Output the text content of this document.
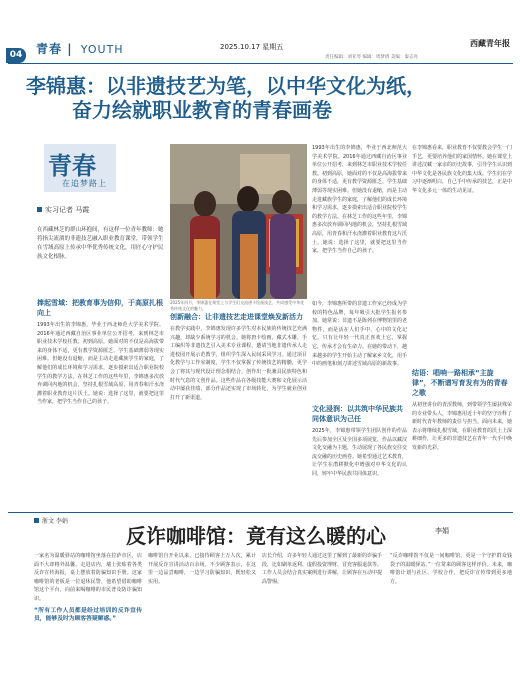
04	青春 | YOUTH	2025.10.17 星期五	西藏青年报
责任编辑：刘亚琴 编辑：周梦倩 美编：秦志亮
李锦惠：以非遗技艺为笔，以中华文化为纸，
奋力绘就职业教育的青春画卷
青春
在追梦路上
实习记者 马霞
在西藏林芝的群山环抱间，有这样一位青年教师：她将指尖流淌的非遗技艺融入职业教育课堂，带领学生在雪域高原上传承中华优秀传统文化，用匠心守护民族文化根脉。
捧起雪域：把教育事为信仰，于高原扎根向上
1993年出生的李锦惠，毕业于西北师范大学美术学院。2016年通过西藏自治区事业单位公开招考，来到林芝市职业技术学校任教。初到高原，她面对的不仅是高海拔带来的身体不适，更有教学资源匮乏、学生基础薄弱等现实困难。但她没有退缩，而是主动走进藏族学生的家庭，了解他们的成长环境和学习需求，逐步摸索出适合职业院校学生的教学方法。在林芝工作的这些年里，李锦惠多次放弃调回内地的机会，坚持扎根雪域高原，用青春和汗水浇灌着职业教育这片沃土。她说：选择了这里，就要把这里当作家，把学生当作自己的孩子。
2025年四月，李锦惠在课堂上与学生们交流唐卡绘画技艺，共同感受中华优秀传统文化的魅力。
创新融合：让非遗技艺走进课堂焕发新活力
在教学实践中，李锦惠发现许多学生对本民族的传统技艺充满兴趣，却缺少系统学习的机会。她将唐卡绘画、藏式木雕、手工编织等非遗技艺引入美术专业课程，邀请当地非遗传承人走进校园开展示范教学，组织学生深入民间采风学习。通过项目化教学与工作室制度，学生不仅掌握了传统技艺的精髓，更学会了将其与现代设计理念相结合，创作出一批兼具民族特色和时代气息的文创作品。这些作品在各级技能大赛和文化展示活动中屡获佳绩，部分作品还实现了市场转化，为学生就业创业打开了新渠道。
如今，李锦惠所带的非遗工作室已经成为学校的特色品牌，每年吸引大批学生报名参加。她常说：非遗不是陈列在博物馆里的老物件，而是活在人们手中、心中的文化记忆。只有让年轻一代真正喜欢上它、掌握它，传承才会有生命力。在她的带动下，越来越多的学生开始主动了解家乡文化，用手中的画笔和刻刀讲述雪域高原的新故事。
文化浸润：以共筑中华民族共同体意识为己任
2025年，李锦惠带领学生团队创作的作品先后参加全区及全国多项展览，作品以藏汉文化交融为主题，生动展现了各民族交往交流交融的历史画卷。她希望通过艺术教育，让学生在潜移默化中增强对中华文化的认同，铸牢中华民族共同体意识。
在李锦惠看来，职业教育不仅要教会学生一门手艺，更要培养他们的家国情怀。她在课堂上讲述汉藏一家亲的历史故事，引导学生认识到中华文化是各民族文化的集大成。学生们在学习中逐渐明白，自己手中传承的技艺，正是中华文化多元一体的生动见证。
结语：唱响一路相承“主旋律”，不断谱写育发有为的青春之歌
从初登讲台的青涩教师，到带领学生屡获殊荣的专业带头人，李锦惠用近十年的坚守诠释了新时代青年教师的责任与担当。面向未来，她表示将继续扎根雪域，在职业教育的沃土上深耕细作，让更多的非遗技艺在青年一代手中焕发新的光彩。
1993年出生的李锦惠，毕业于西北师范大学美术学院。2016年通过西藏自治区事业单位公开招考，来到林芝市职业技术学校任教。初到高原，她面对的不仅是高海拔带来的身体不适，更有教学资源匮乏、学生基础薄弱等现实困难。但她没有退缩，而是主动走进藏族学生的家庭，了解他们的成长环境和学习需求，逐步摸索出适合职业院校学生的教学方法。在林芝工作的这些年里，李锦惠多次放弃调回内地的机会，坚持扎根雪域高原，用青春和汗水浇灌着职业教育这片沃土。她说：选择了这里，就要把这里当作家，把学生当作自己的孩子。
浙文 李娟
反诈咖啡馆：竟有这么暖的心	李娟
一家名为温暖驿站的咖啡馆坐落在拉萨市区，店面不大却格外温馨。走进店内，墙上张贴着各类反诈宣传海报，桌上摆放着防骗知识手册。这家咖啡馆的老板是一位退休民警，他希望借助咖啡馆这个平台，向前来喝咖啡的市民普及防诈骗知识。
“所有工作人员都是经过培训的反诈宣传员，能够及时为顾客答疑解惑。”
咖啡馆自开业以来，已接待顾客上万人次，累计开展反诈宣讲活动百余场。不少顾客表示，在这里一边品尝咖啡，一边学习防骗知识，既轻松又实用。
店长介绍，许多年轻人通过这里了解到了最新的诈骗手段，比如刷单返利、虚假投资理财、冒充客服退款等。工作人员会结合真实案例进行讲解，让顾客在互动中提高警惕。
“反诈咖啡馆不仅是一间咖啡馆，更是一个守护群众钱袋子的温暖驿站。”一位常来的顾客这样评价。未来，咖啡馆计划与社区、学校合作，把反诈宣传带到更多地方。
